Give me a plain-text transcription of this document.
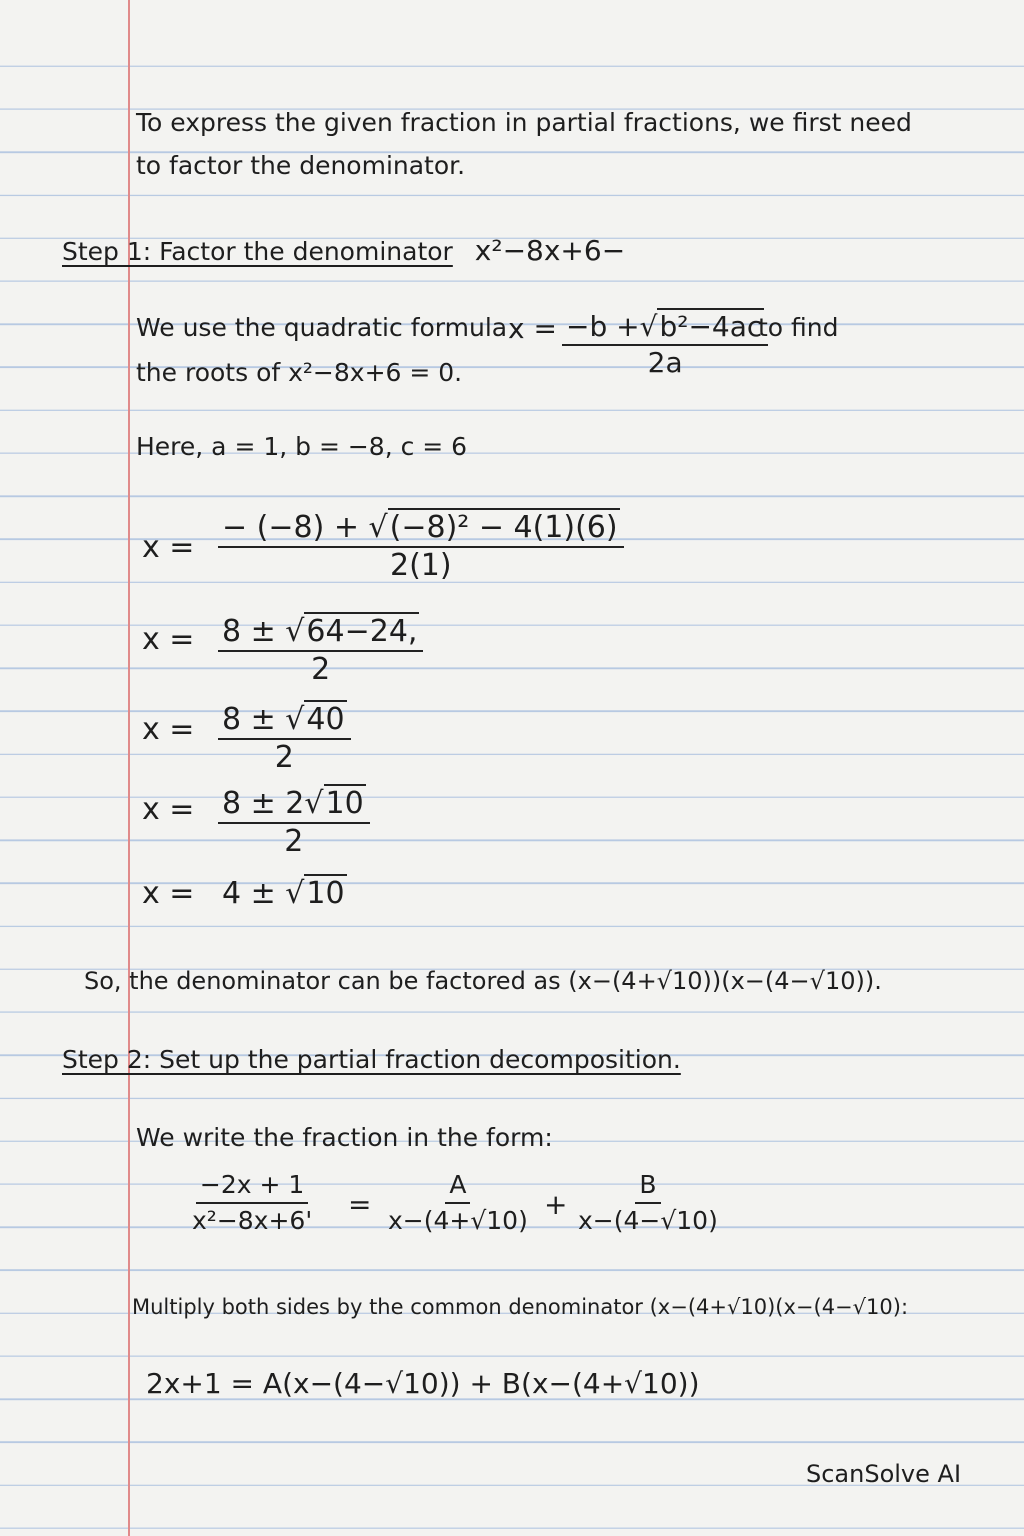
To express the given fraction in partial fractions, we first need
to factor the denominator.
Step 1: Factor the denominator x²−8x+6−
We use the quadratic formula $x = \frac{\text{−b +√b²−4ac}}{2a}$
to find
the roots of x²−8x+6 = 0.
Here, a = 1, b = −8, c = 6
$x = \frac{\text{− (−8) + √(−8)² − 4(1)(6)}}{2(1)}$
$x = \frac{8 \pm √64-24,}{2}$
$x = \frac{8 \pm √40}{2}$
$x = \frac{8 \pm 2√10}{2}$
x = 4 ± √10
So, the denominator can be factored as (x−(4+√10))(x−(4−√10)).
Step 2: Set up the partial fraction decomposition.
We write the fraction in the form:
$\frac{-2x + 1}{\text{x²−8x+6'}} = \frac{A}{x-(4+√10)} + \frac{B}{x-(4-√10)}$
Multiply both sides by the common denominator (x−(4+√10)(x−(4−√10):
2x+1 = A(x−(4−√10)) + B(x−(4+√10))
ScanSolve AI
